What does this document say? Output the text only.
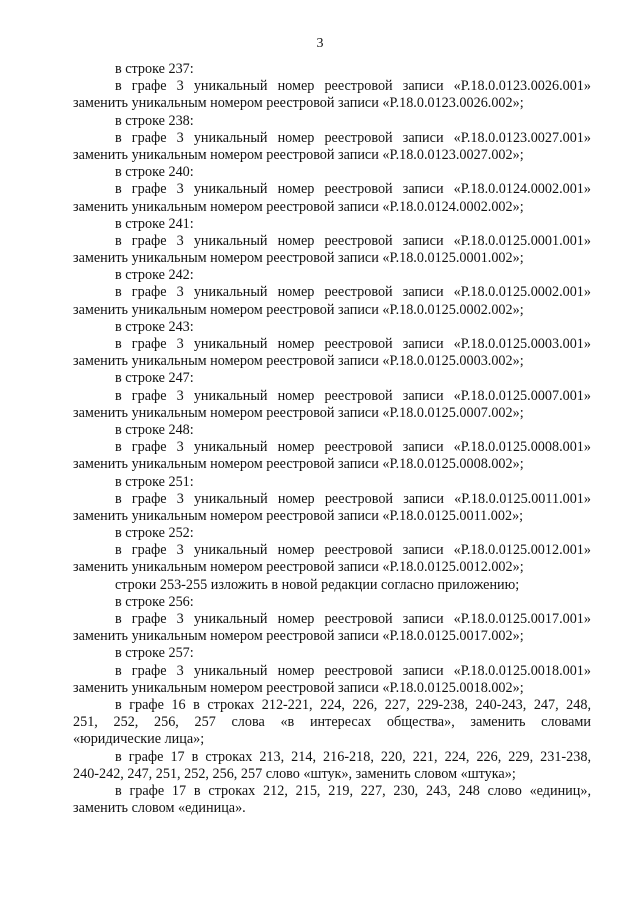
3
в строке 237:
в графе 3 уникальный номер реестровой записи «Р.18.0.0123.0026.001»
заменить уникальным номером реестровой записи «Р.18.0.0123.0026.002»;
в строке 238:
в графе 3 уникальный номер реестровой записи «Р.18.0.0123.0027.001»
заменить уникальным номером реестровой записи «Р.18.0.0123.0027.002»;
в строке 240:
в графе 3 уникальный номер реестровой записи «Р.18.0.0124.0002.001»
заменить уникальным номером реестровой записи «Р.18.0.0124.0002.002»;
в строке 241:
в графе 3 уникальный номер реестровой записи «Р.18.0.0125.0001.001»
заменить уникальным номером реестровой записи «Р.18.0.0125.0001.002»;
в строке 242:
в графе 3 уникальный номер реестровой записи «Р.18.0.0125.0002.001»
заменить уникальным номером реестровой записи «Р.18.0.0125.0002.002»;
в строке 243:
в графе 3 уникальный номер реестровой записи «Р.18.0.0125.0003.001»
заменить уникальным номером реестровой записи «Р.18.0.0125.0003.002»;
в строке 247:
в графе 3 уникальный номер реестровой записи «Р.18.0.0125.0007.001»
заменить уникальным номером реестровой записи «Р.18.0.0125.0007.002»;
в строке 248:
в графе 3 уникальный номер реестровой записи «Р.18.0.0125.0008.001»
заменить уникальным номером реестровой записи «Р.18.0.0125.0008.002»;
в строке 251:
в графе 3 уникальный номер реестровой записи «Р.18.0.0125.0011.001»
заменить уникальным номером реестровой записи «Р.18.0.0125.0011.002»;
в строке 252:
в графе 3 уникальный номер реестровой записи «Р.18.0.0125.0012.001»
заменить уникальным номером реестровой записи «Р.18.0.0125.0012.002»;
строки 253-255 изложить в новой редакции согласно приложению;
в строке 256:
в графе 3 уникальный номер реестровой записи «Р.18.0.0125.0017.001»
заменить уникальным номером реестровой записи «Р.18.0.0125.0017.002»;
в строке 257:
в графе 3 уникальный номер реестровой записи «Р.18.0.0125.0018.001»
заменить уникальным номером реестровой записи «Р.18.0.0125.0018.002»;
в графе 16 в строках 212-221, 224, 226, 227, 229-238, 240-243, 247, 248,
251, 252, 256, 257 слова «в интересах общества», заменить словами
«юридические лица»;
в графе 17 в строках 213, 214, 216-218, 220, 221, 224, 226, 229, 231-238,
240-242, 247, 251, 252, 256, 257 слово «штук», заменить словом «штука»;
в графе 17 в строках 212, 215, 219, 227, 230, 243, 248 слово «единиц»,
заменить словом «единица».
